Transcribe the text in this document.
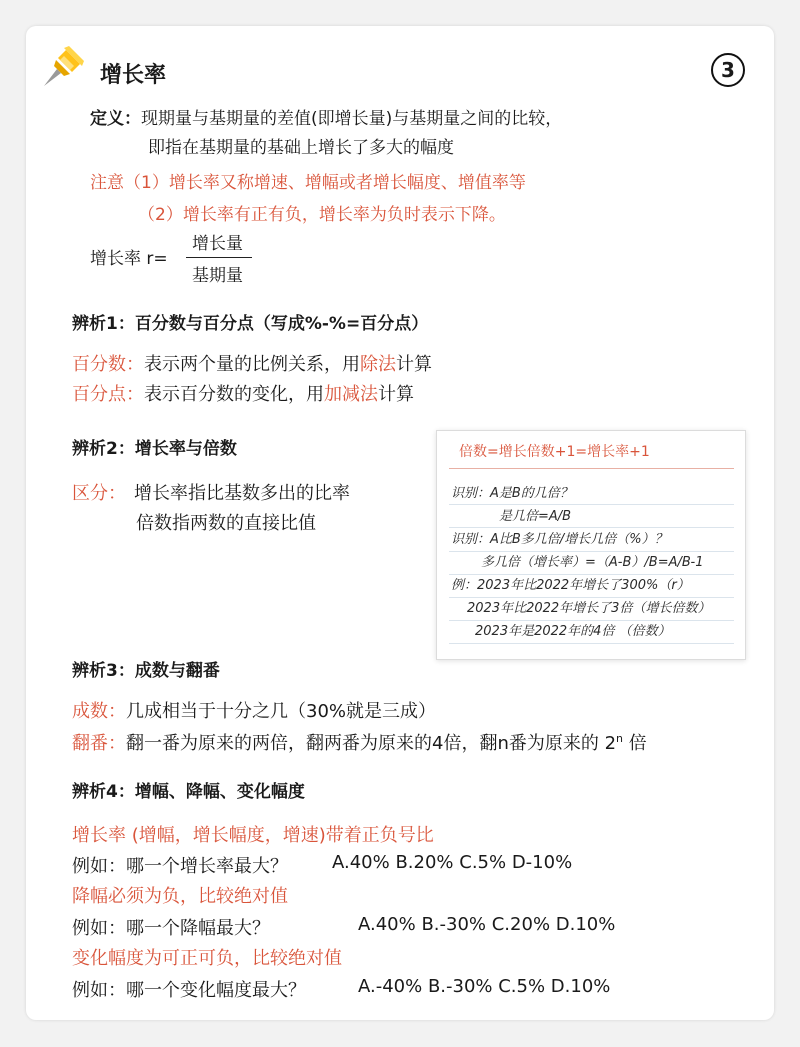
增长率	3
定义：现期量与基期量的差值(即增长量)与基期量之间的比较，
即指在基期量的基础上增长了多大的幅度
注意（1）增长率又称增速、增幅或者增长幅度、增值率等
（2）增长率有正有负，增长率为负时表示下降。
增长率 r=
增长量
基期量
辨析1：百分数与百分点（写成%-%=百分点）
百分数：表示两个量的比例关系，用除法计算
百分点：表示百分数的变化，用加减法计算
辨析2：增长率与倍数
区分： 增长率指比基数多出的比率
倍数指两数的直接比值
倍数=增长倍数+1=增长率+1
识别：A是B的几倍？
是几倍=A/B
识别：A比B多几倍/增长几倍（%）？
多几倍（增长率）=（A-B）/B=A/B-1
例：2023年比2022年增长了300%（r）
2023年比2022年增长了3倍（增长倍数）
2023年是2022年的4倍 （倍数）
辨析3：成数与翻番
成数：几成相当于十分之几（30%就是三成）
翻番：翻一番为原来的两倍，翻两番为原来的4倍，翻n番为原来的 2$^n$ 倍
辨析4：增幅、降幅、变化幅度
增长率 (增幅，增长幅度，增速)带着正负号比
例如：哪一个增长率最大？ A.40% B.20% C.5% D-10%
降幅必须为负，比较绝对值
例如：哪一个降幅最大？	A.40% B.-30% C.20% D.10%
变化幅度为可正可负，比较绝对值
例如：哪一个变化幅度最大？	A.-40% B.-30% C.5% D.10%
